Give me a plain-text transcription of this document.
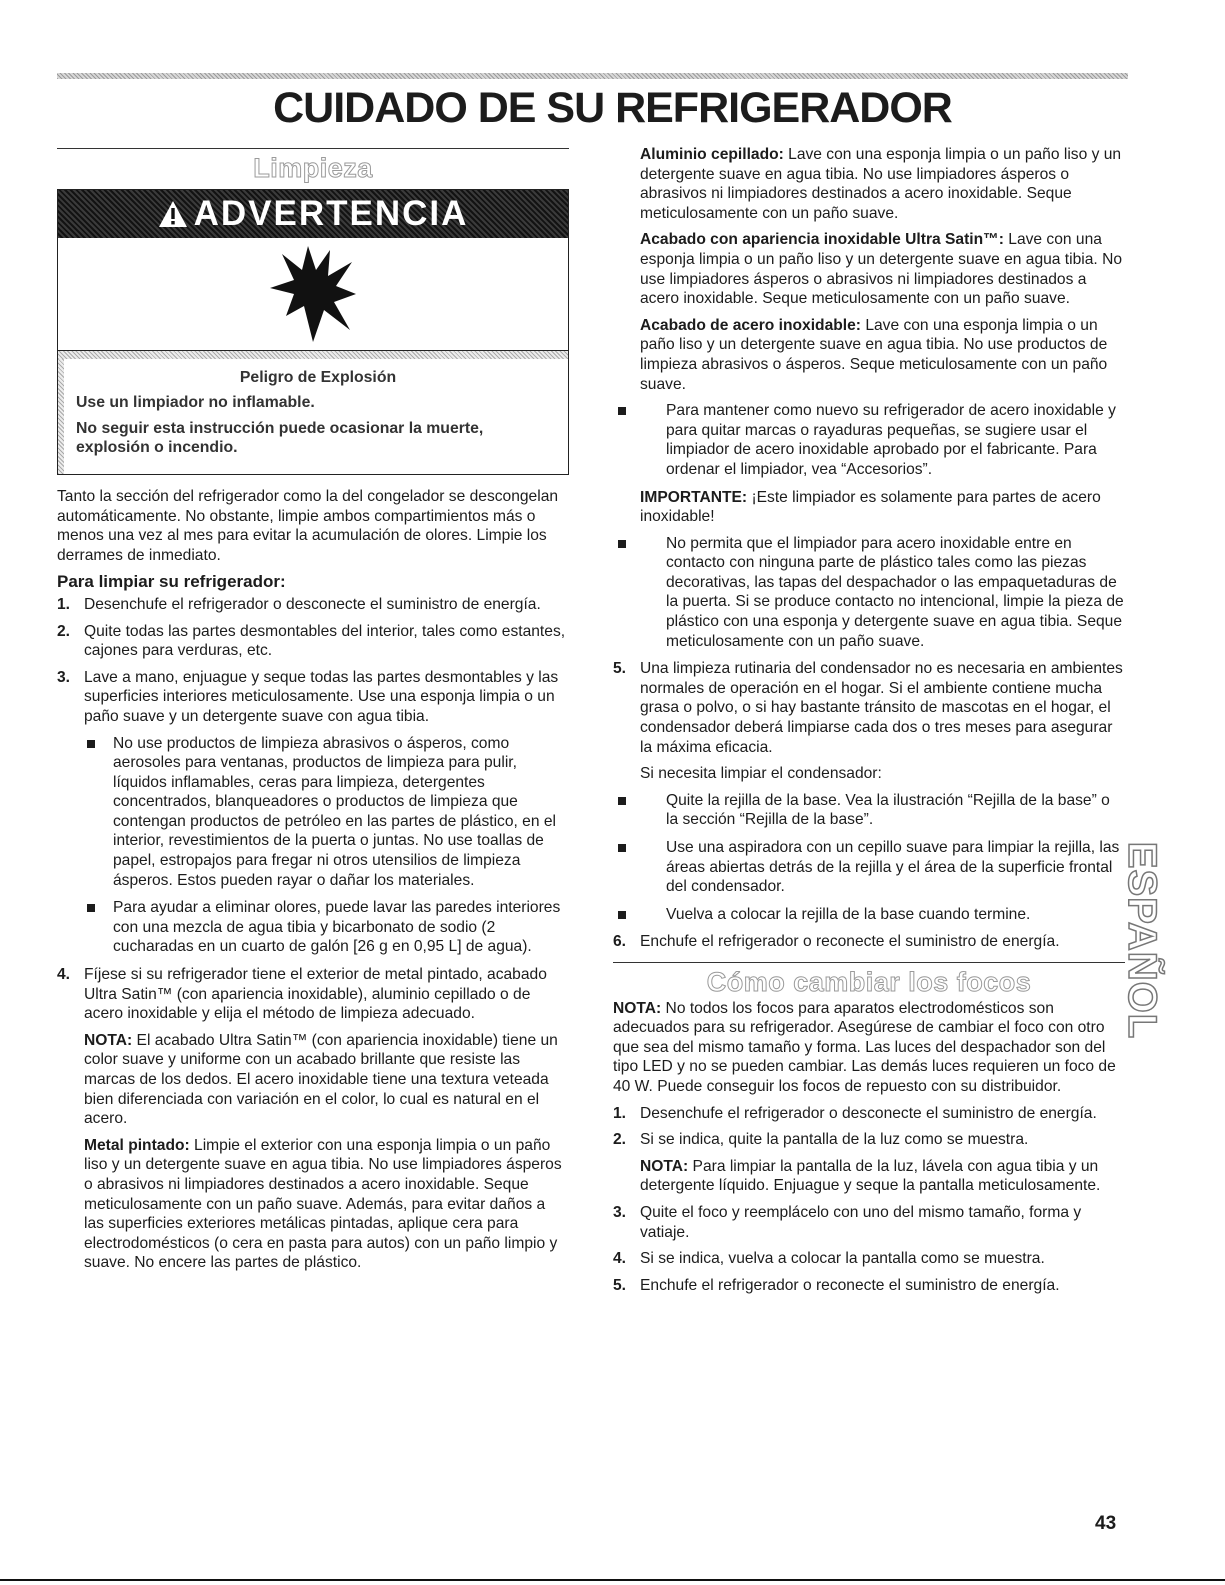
CUIDADO DE SU REFRIGERADOR
Limpieza
ADVERTENCIA

Peligro de Explosión

Use un limpiador no inflamable.

No seguir esta instrucción puede ocasionar la muerte, explosión o incendio.

Tanto la sección del refrigerador como la del congelador se descongelan automáticamente. No obstante, limpie ambos compartimientos más o menos una vez al mes para evitar la acumulación de olores. Limpie los derrames de inmediato.

Para limpiar su refrigerador:
1. Desenchufe el refrigerador o desconecte el suministro de energía.
2. Quite todas las partes desmontables del interior, tales como estantes, cajones para verduras, etc.
3. Lave a mano, enjuague y seque todas las partes desmontables y las superficies interiores meticulosamente. Use una esponja limpia o un paño suave y un detergente suave con agua tibia.
No use productos de limpieza abrasivos o ásperos, como aerosoles para ventanas, productos de limpieza para pulir, líquidos inflamables, ceras para limpieza, detergentes concentrados, blanqueadores o productos de limpieza que contengan productos de petróleo en las partes de plástico, en el interior, revestimientos de la puerta o juntas. No use toallas de papel, estropajos para fregar ni otros utensilios de limpieza ásperos. Estos pueden rayar o dañar los materiales.
Para ayudar a eliminar olores, puede lavar las paredes interiores con una mezcla de agua tibia y bicarbonato de sodio (2 cucharadas en un cuarto de galón [26 g en 0,95 L] de agua).
4. Fíjese si su refrigerador tiene el exterior de metal pintado, acabado Ultra Satin™ (con apariencia inoxidable), aluminio cepillado o de acero inoxidable y elija el método de limpieza adecuado.

NOTA: El acabado Ultra Satin™ (con apariencia inoxidable) tiene un color suave y uniforme con un acabado brillante que resiste las marcas de los dedos. El acero inoxidable tiene una textura veteada bien diferenciada con variación en el color, lo cual es natural en el acero.

Metal pintado: Limpie el exterior con una esponja limpia o un paño liso y un detergente suave en agua tibia. No use limpiadores ásperos o abrasivos ni limpiadores destinados a acero inoxidable. Seque meticulosamente con un paño suave. Además, para evitar daños a las superficies exteriores metálicas pintadas, aplique cera para electrodomésticos (o cera en pasta para autos) con un paño limpio y suave. No encere las partes de plástico.

Aluminio cepillado: Lave con una esponja limpia o un paño liso y un detergente suave en agua tibia. No use limpiadores ásperos o abrasivos ni limpiadores destinados a acero inoxidable. Seque meticulosamente con un paño suave.

Acabado con apariencia inoxidable Ultra Satin™: Lave con una esponja limpia o un paño liso y un detergente suave en agua tibia. No use limpiadores ásperos o abrasivos ni limpiadores destinados a acero inoxidable. Seque meticulosamente con un paño suave.

Acabado de acero inoxidable: Lave con una esponja limpia o un paño liso y un detergente suave en agua tibia. No use productos de limpieza abrasivos o ásperos. Seque meticulosamente con un paño suave.

Para mantener como nuevo su refrigerador de acero inoxidable y para quitar marcas o rayaduras pequeñas, se sugiere usar el limpiador de acero inoxidable aprobado por el fabricante. Para ordenar el limpiador, vea “Accesorios”.

IMPORTANTE: ¡Este limpiador es solamente para partes de acero inoxidable!

No permita que el limpiador para acero inoxidable entre en contacto con ninguna parte de plástico tales como las piezas decorativas, las tapas del despachador o las empaquetaduras de la puerta. Si se produce contacto no intencional, limpie la pieza de plástico con una esponja y detergente suave en agua tibia. Seque meticulosamente con un paño suave.
5. Una limpieza rutinaria del condensador no es necesaria en ambientes normales de operación en el hogar. Si el ambiente contiene mucha grasa o polvo, o si hay bastante tránsito de mascotas en el hogar, el condensador deberá limpiarse cada dos o tres meses para asegurar la máxima eficacia.

Si necesita limpiar el condensador:

Quite la rejilla de la base. Vea la ilustración “Rejilla de la base” o la sección “Rejilla de la base”.
Use una aspiradora con un cepillo suave para limpiar la rejilla, las áreas abiertas detrás de la rejilla y el área de la superficie frontal del condensador.
Vuelva a colocar la rejilla de la base cuando termine.
6. Enchufe el refrigerador o reconecte el suministro de energía.
Cómo cambiar los focos

NOTA: No todos los focos para aparatos electrodomésticos son adecuados para su refrigerador. Asegúrese de cambiar el foco con otro que sea del mismo tamaño y forma. Las luces del despachador son del tipo LED y no se pueden cambiar. Las demás luces requieren un foco de 40 W. Puede conseguir los focos de repuesto con su distribuidor.

1. Desenchufe el refrigerador o desconecte el suministro de energía.
2. Si se indica, quite la pantalla de la luz como se muestra.

NOTA: Para limpiar la pantalla de la luz, lávela con agua tibia y un detergente líquido. Enjuague y seque la pantalla meticulosamente.

3. Quite el foco y reemplácelo con uno del mismo tamaño, forma y vatiaje.
4. Si se indica, vuelva a colocar la pantalla como se muestra.
5. Enchufe el refrigerador o reconecte el suministro de energía.
ESPAÑOL
43
